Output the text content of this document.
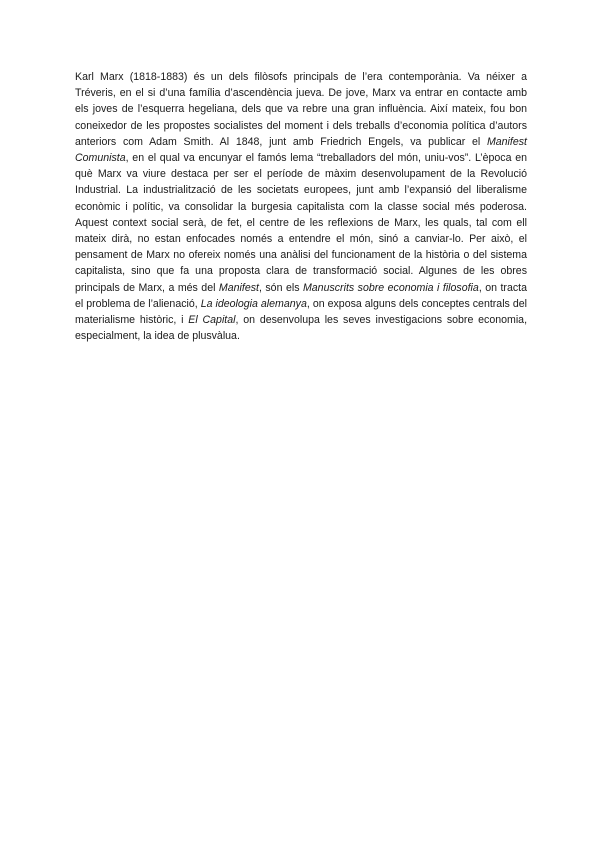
Karl Marx (1818-1883) és un dels filòsofs principals de l’era contemporània. Va néixer a Tréveris, en el si d’una família d’ascendència jueva. De jove, Marx va entrar en contacte amb els joves de l’esquerra hegeliana, dels que va rebre una gran influència. Així mateix, fou bon coneixedor de les propostes socialistes del moment i dels treballs d’economia política d’autors anteriors com Adam Smith. Al 1848, junt amb Friedrich Engels, va publicar el Manifest Comunista, en el qual va encunyar el famós lema “treballadors del món, uniu-vos”. L’època en què Marx va viure destaca per ser el període de màxim desenvolupament de la Revolució Industrial. La industrialització de les societats europees, junt amb l’expansió del liberalisme econòmic i polític, va consolidar la burgesia capitalista com la classe social més poderosa. Aquest context social serà, de fet, el centre de les reflexions de Marx, les quals, tal com ell mateix dirà, no estan enfocades només a entendre el món, sinó a canviar-lo. Per això, el pensament de Marx no ofereix només una anàlisi del funcionament de la història o del sistema capitalista, sino que fa una proposta clara de transformació social. Algunes de les obres principals de Marx, a més del Manifest, són els Manuscrits sobre economia i filosofia, on tracta el problema de l’alienació, La ideologia alemanya, on exposa alguns dels conceptes centrals del materialisme històric, i El Capital, on desenvolupa les seves investigacions sobre economia, especialment, la idea de plusvàlua.
